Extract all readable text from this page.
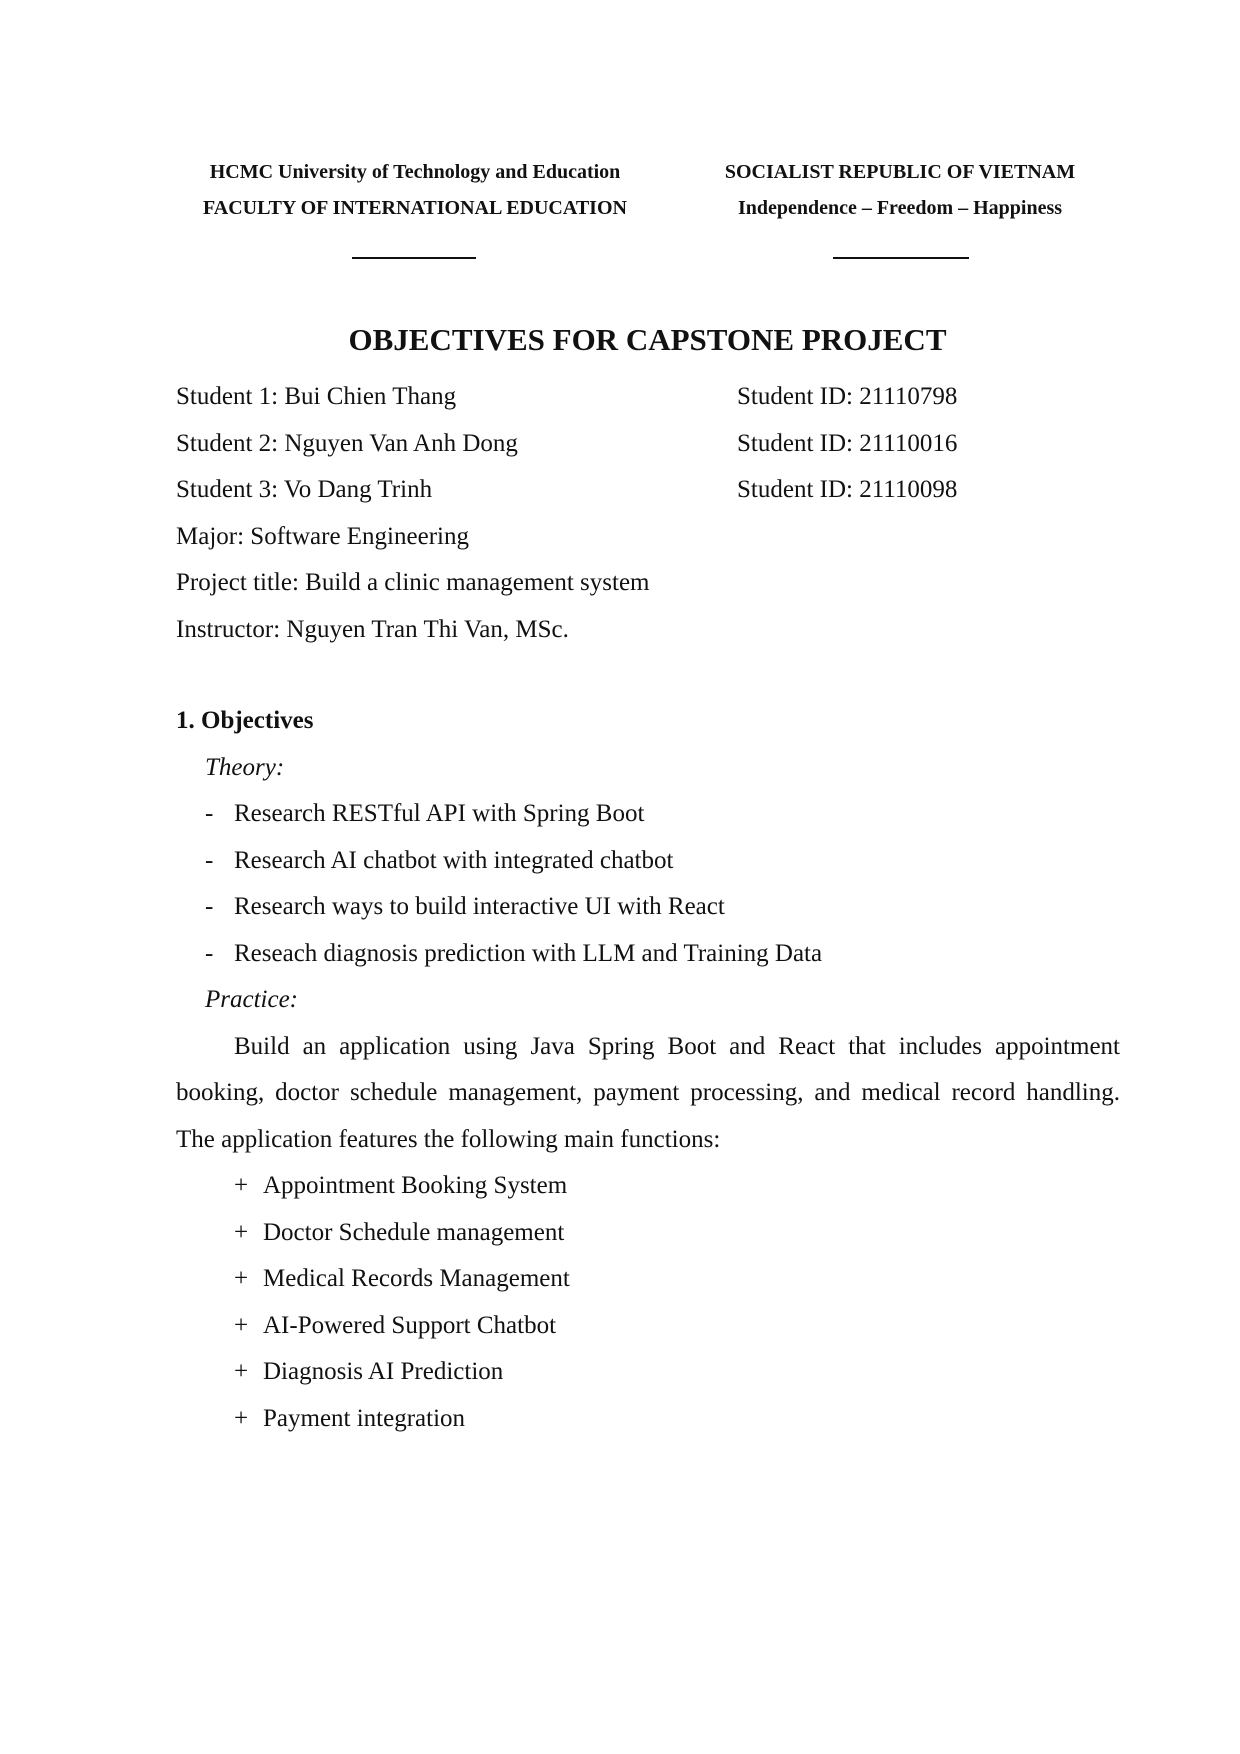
HCMC University of Technology and Education
FACULTY OF INTERNATIONAL EDUCATION
SOCIALIST REPUBLIC OF VIETNAM
Independence – Freedom – Happiness
OBJECTIVES FOR CAPSTONE PROJECT
Student 1: Bui Chien Thang	Student ID: 21110798
Student 2: Nguyen Van Anh Dong	Student ID: 21110016
Student 3: Vo Dang Trinh	Student ID: 21110098
Major: Software Engineering
Project title: Build a clinic management system
Instructor: Nguyen Tran Thi Van, MSc.
1. Objectives
Theory:
- Research RESTful API with Spring Boot
- Research AI chatbot with integrated chatbot
- Research ways to build interactive UI with React
- Reseach diagnosis prediction with LLM and Training Data
Practice:

Build an application using Java Spring Boot and React that includes appointment booking, doctor schedule management, payment processing, and medical record handling. The application features the following main functions:

+ Appointment Booking System
+ Doctor Schedule management
+ Medical Records Management
+ AI-Powered Support Chatbot
+ Diagnosis AI Prediction
+ Payment integration
